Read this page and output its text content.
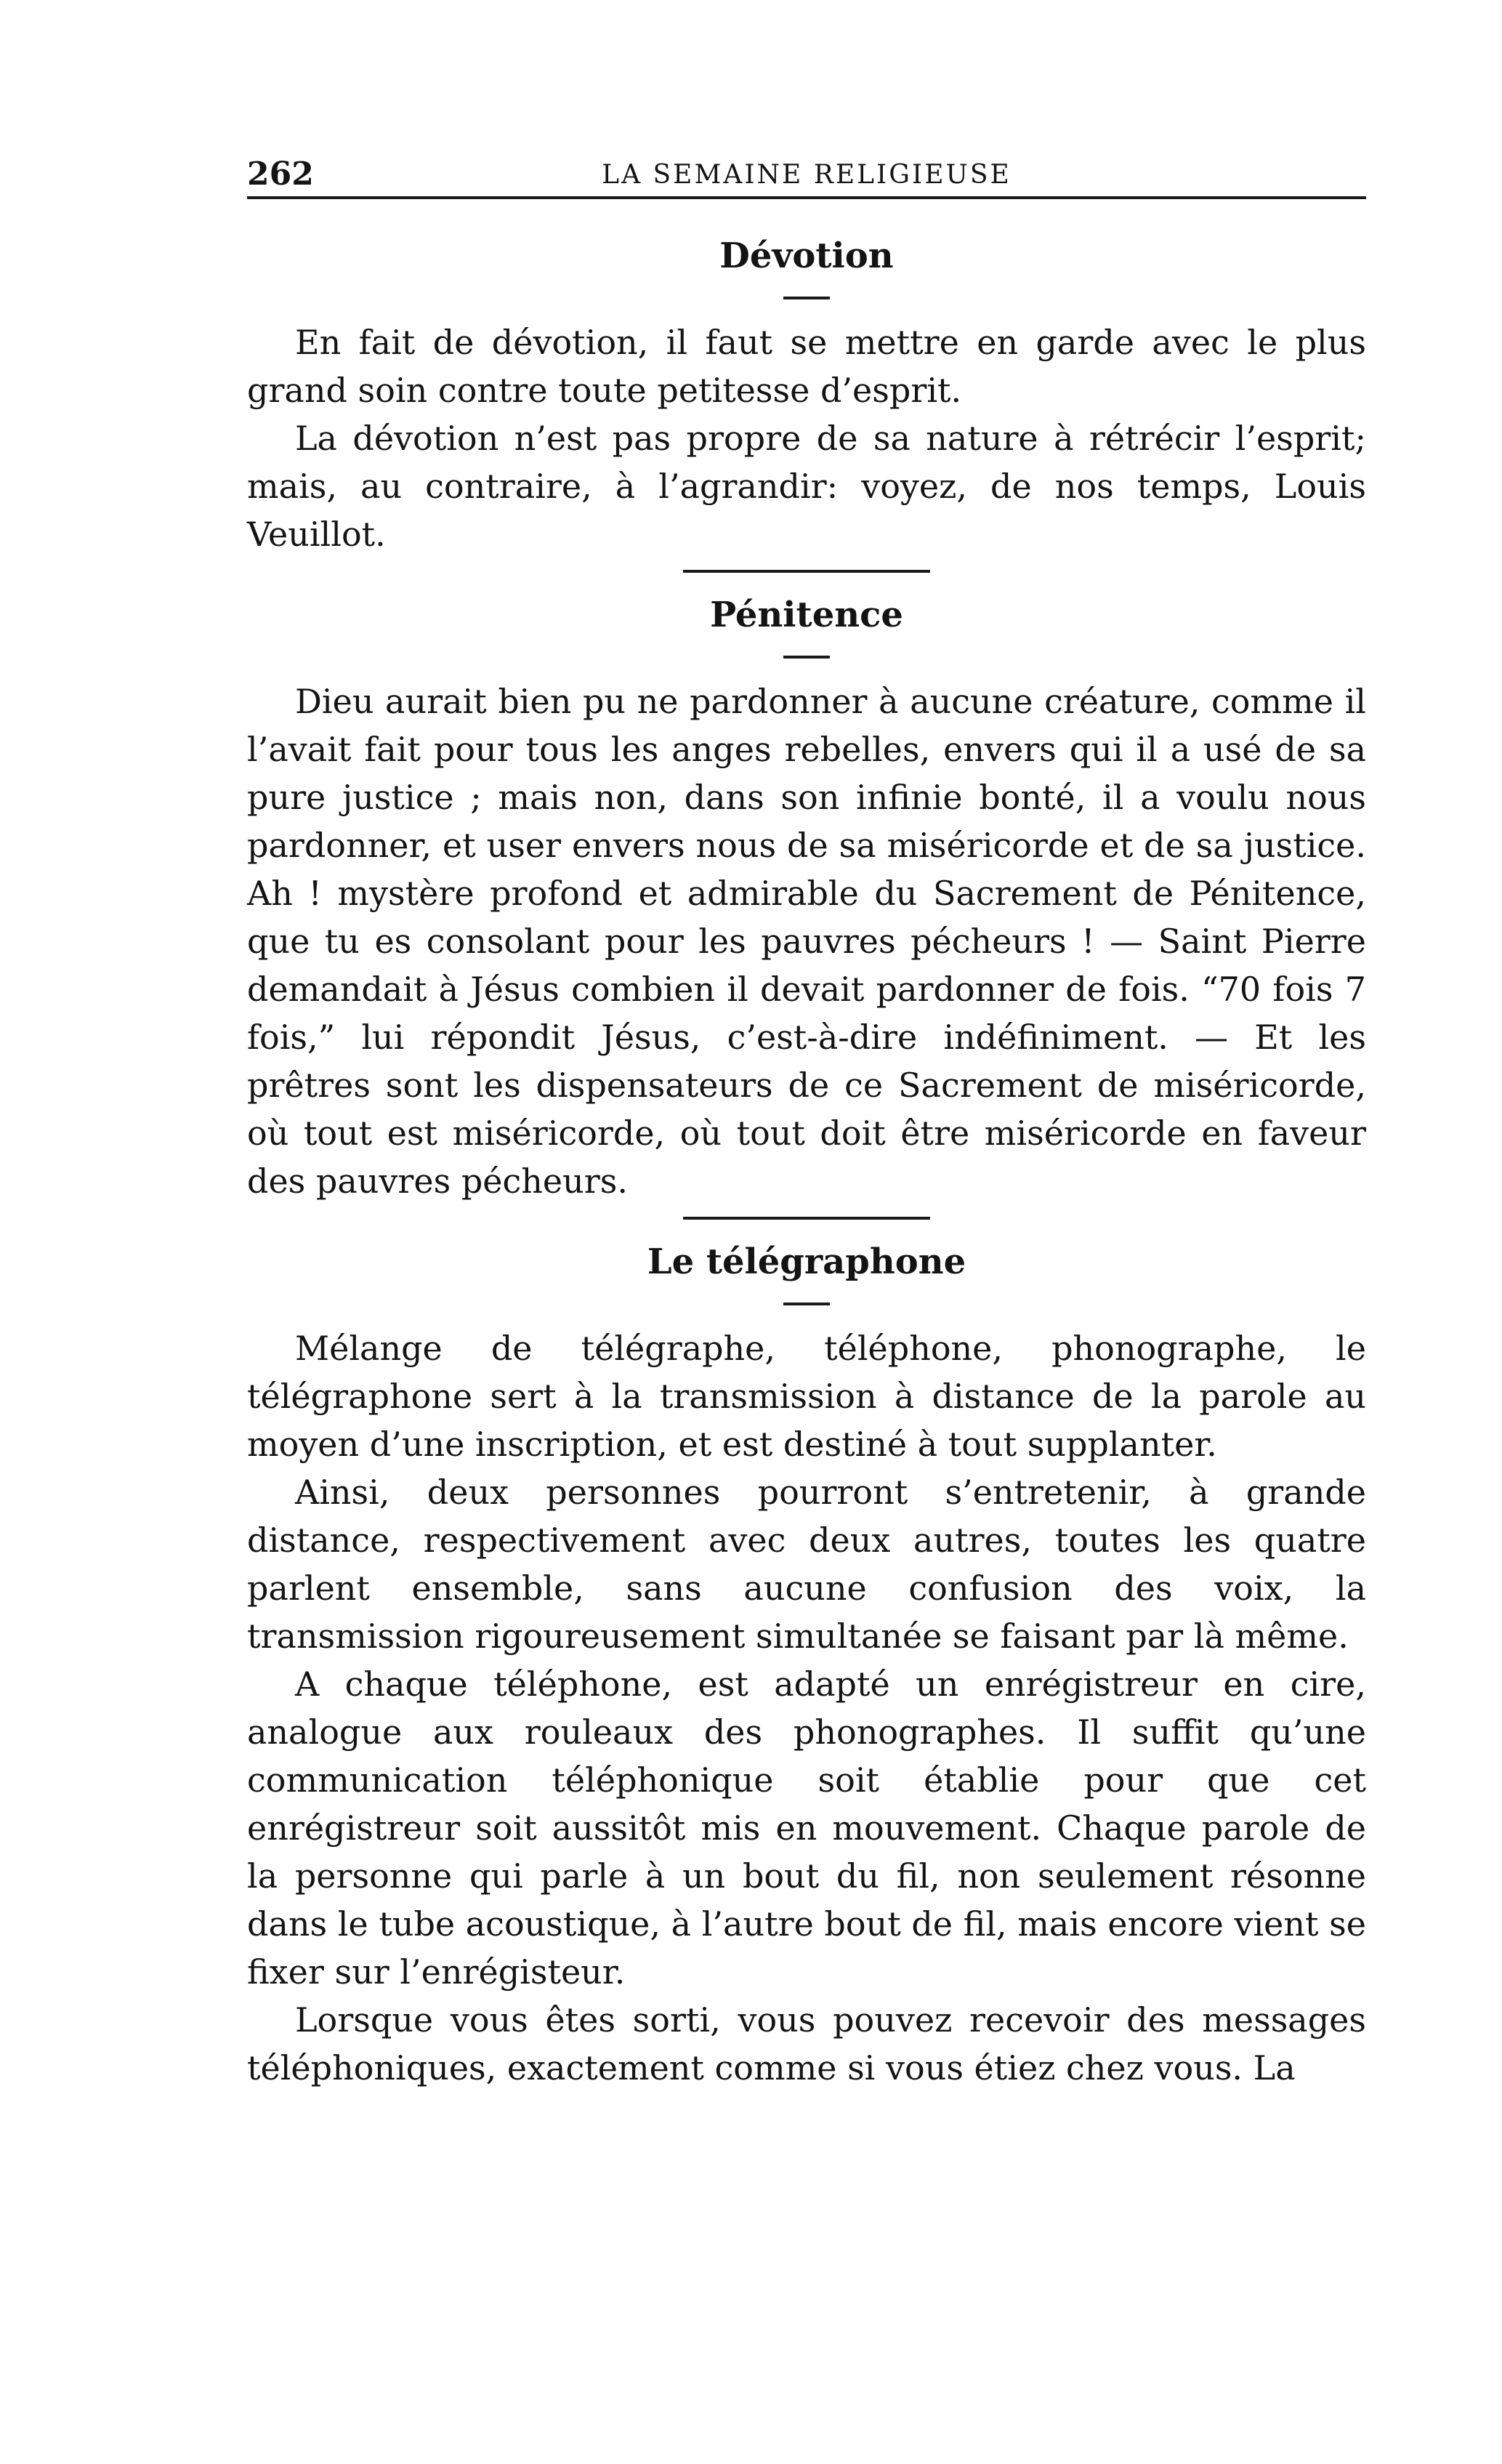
262	LA SEMAINE RELIGIEUSE
Dévotion

En fait de dévotion, il faut se mettre en garde avec le plus grand soin contre toute petitesse d’esprit.

La dévotion n’est pas propre de sa nature à rétrécir l’esprit; mais, au contraire, à l’agrandir: voyez, de nos temps, Louis Veuillot.

Pénitence

Dieu aurait bien pu ne pardonner à aucune créature, comme il l’avait fait pour tous les anges rebelles, envers qui il a usé de sa pure justice ; mais non, dans son infinie bonté, il a voulu nous pardonner, et user envers nous de sa miséricorde et de sa justice. Ah ! mystère profond et admirable du Sacrement de Pénitence, que tu es consolant pour les pauvres pécheurs ! — Saint Pierre demandait à Jésus combien il devait pardonner de fois. “70 fois 7 fois,” lui répondit Jésus, c’est-à-dire indéfiniment. — Et les prêtres sont les dispensateurs de ce Sacrement de miséricorde, où tout est miséricorde, où tout doit être miséricorde en faveur des pauvres pécheurs.

Le télégraphone

Mélange de télégraphe, téléphone, phonographe, le télégraphone sert à la transmission à distance de la parole au moyen d’une inscription, et est destiné à tout supplanter.

Ainsi, deux personnes pourront s’entretenir, à grande distance, respectivement avec deux autres, toutes les quatre parlent ensemble, sans aucune confusion des voix, la transmission rigoureusement simultanée se faisant par là même.

A chaque téléphone, est adapté un enrégistreur en cire, analogue aux rouleaux des phonographes. Il suffit qu’une communication téléphonique soit établie pour que cet enrégistreur soit aussitôt mis en mouvement. Chaque parole de la personne qui parle à un bout du fil, non seulement résonne dans le tube acoustique, à l’autre bout de fil, mais encore vient se fixer sur l’enrégisteur.

Lorsque vous êtes sorti, vous pouvez recevoir des messages téléphoniques, exactement comme si vous étiez chez vous. La
